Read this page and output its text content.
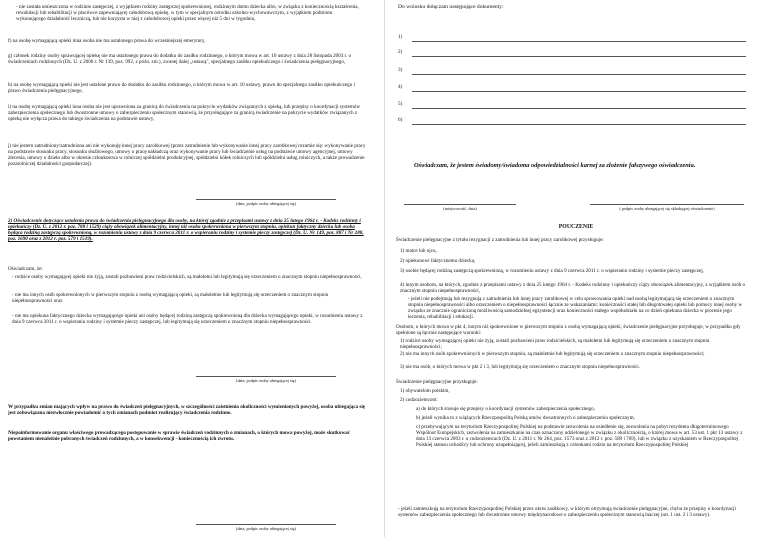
- nie została umieszczona w rodzinie zastępczej, z wyjątkiem rodziny zastępczej spokrewnionej, rodzinnym domu dziecka albo, w związku z koniecznością kształcenia, rewalidacji lub rehabilitacji w placówce zapewniającej całodobową opiekę, w tym w specjalnym ośrodku szkolno-wychowawczym, z wyjątkiem podmiotu wykonującego działalność leczniczą, lub nie korzysta w niej z całodobowej opieki przez więcej niż 5 dni w tygodniu,
f) na osobę wymagającą opieki inna osoba nie ma ustalonego prawa do wcześniejszej emerytury,
g) członek rodziny osoby sprawującej opiekę nie ma ustalonego prawa do dodatku do zasiłku rodzinnego, o którym mowa w art. 10 ustawy z dnia 28 listopada 2003 r. o świadczeniach rodzinnych (Dz. U. z 2006 r. Nr 139, poz. 992, z późn. zm.), zwanej dalej „ustawą", specjalnego zasiłku opiekuńczego i świadczenia pielęgnacyjnego,
h) na osobę wymagającą opieki nie jest ustalone prawo do dodatku do zasiłku rodzinnego, o którym mowa w art. 10 ustawy, prawo do specjalnego zasiłku opiekuńczego i prawo świadczenia pielęgnacyjnego,
i) na osobę wymagającą opieki inna osoba nie jest uprawniona za granicą do świadczenia na pokrycie wydatków związanych z opieką, lub przepisy o koordynacji systemów zabezpieczenia społecznego lub dwustronne umowy o zabezpieczeniu społecznym stanowią, że przysługujące za granicą świadczenie na pokrycie wydatków związanych z opieką nie wyłącza prawa do takiego świadczenia na podstawie ustawy,
j) nie jestem zatrudniony/zatrudniona ani nie wykonuję innej pracy zarobkowej (przez zatrudnienie lub wykonywanie innej pracy zarobkowej rozumie się: wykonywanie pracy na podstawie stosunku pracy, stosunku służbowego, umowy o pracę nakładczą oraz wykonywanie pracy lub świadczenie usług na podstawie umowy agencyjnej, umowy zlecenia, umowy o dzieło albo w okresie członkostwa w rolniczej spółdzielni produkcyjnej, spółdzielni kółek rolniczych lub spółdzielni usług rolniczych, a także prowadzenie pozarolniczej działalności gospodarczej).
(data, podpis osoby ubiegającej się)
2) Oświadczenie dotyczące ustalenia prawa do świadczenia pielęgnacyjnego dla osoby, na której zgodnie z przepisami ustawy z dnia 25 lutego 1964 r. - Kodeks rodzinny i opiekuńczy (Dz. U. z 2012 r. poz. 788 i 1529) ciąży obowiązek alimentacyjny, innej niż osoba spokrewniona w pierwszym stopniu, opiekun faktyczny dziecka lub osoba będąca rodziną zastępczą spokrewnioną, w rozumieniu ustawy z dnia 9 czerwca 2011 r. o wspieraniu rodziny i systemie pieczy zastępczej (Dz. U. Nr 149, poz. 887 i Nr 288, poz. 1690 oraz z 2012 r. poz. 579 i 1519).
Oświadczam, że:
- rodzice osoby wymagającej opieki nie żyją, zostali pozbawieni praw rodzicielskich, są małoletni lub legitymują się orzeczeniem o znacznym stopniu niepełnosprawności,
- nie ma innych osób spokrewnionych w pierwszym stopniu z osobą wymagającą opieki, są małoletnie lub legitymują się orzeczeniem o znacznym stopniu niepełnosprawności oraz
- nie ma opiekuna faktycznego dziecka wymagającego opieki ani osoby będącej rodziną zastępczą spokrewnioną dla dziecka wymagającego opieki, w rozumieniu ustawy z dnia 9 czerwca 2011 r. o wspieraniu rodziny i systemie pieczy zastępczej, lub legitymują się orzeczeniem o znacznym stopniu niepełnosprawności.
(data, podpis osoby ubiegającej się)
W przypadku zmian mających wpływ na prawo do świadczeń pielęgnacyjnych, w szczególności zaistnienia okoliczności wymienionych powyżej, osoba ubiegająca się jest zobowiązana niezwłocznie powiadomić o tych zmianach podmiot realizujący świadczenia rodzinne.
Niepoinformowanie organu właściwego prowadzącego postępowanie w sprawie świadczeń rodzinnych o zmianach, o których mowa powyżej, może skutkować powstaniem nienależnie pobranych świadczeń rodzinnych, a w konsekwencji - koniecznością ich zwrotu.
(data, podpis osoby ubiegającej się)
Do wniosku dołączam następujące dokumenty:
1)
2)
3)
4)
5)
6)
Oświadczam, że jestem świadomy/świadoma odpowiedzialności karnej za złożenie fałszywego oświadczenia.
(miejscowość, data)	( podpis osoby ubiegającej się składającej oświadczenie)
POUCZENIE
Świadczenie pielęgnacyjne z tytułu rezygnacji z zatrudnienia lub innej pracy zarobkowej przysługuje:
1) matce lub ojcu,
2) opiekunowi faktycznemu dziecka,
3) osobie będącej rodziną zastępczą spokrewnioną, w rozumieniu ustawy z dnia 9 czerwca 2011 r. o wspieraniu rodziny i systemie pieczy zastępczej,
4) innym osobom, na których, zgodnie z przepisami ustawy z dnia 25 lutego 1964 r. - Kodeks rodzinny i opiekuńczy ciąży obowiązek alimentacyjny, z wyjątkiem osób o znacznym stopniu niepełnosprawności,
- jeżeli nie podejmują lub rezygnują z zatrudnienia lub innej pracy zarobkowej w celu sprawowania opieki nad osobą legitymującą się orzeczeniem o znacznym stopniu niepełnosprawności albo orzeczeniem o niepełnosprawności łącznie ze wskazaniami: konieczności stałej lub długotrwałej opieki lub pomocy innej osoby w związku ze znacznie ograniczoną możliwością samodzielnej egzystencji oraz konieczności stałego współudziału na co dzień opiekuna dziecka w procesie jego leczenia, rehabilitacji i edukacji.
Osobom, o których mowa w pkt 4, innym niż spokrewnione w pierwszym stopniu z osobą wymagającą opieki, świadczenie pielęgnacyjne przysługuje, w przypadku gdy spełnione są łącznie następujące warunki:
1) rodzice osoby wymagającej opieki nie żyją, zostali pozbawieni praw rodzicielskich, są małoletni lub legitymują się orzeczeniem o znacznym stopniu niepełnosprawności;
2) nie ma innych osób spokrewnionych w pierwszym stopniu, są małoletnie lub legitymują się orzeczeniem o znacznym stopniu niepełnosprawności;
3) nie ma osób, o których mowa w pkt 2 i 3, lub legitymują się orzeczeniem o znacznym stopniu niepełnosprawności.
Świadczenie pielęgnacyjne przysługuje:
1) obywatelom polskim,
2) cudzoziemcom:
a) do których stosuje się przepisy o koordynacji systemów zabezpieczenia społecznego,
b) jeżeli wynika to z wiążących Rzeczpospolitą Polską umów dwustronnych o zabezpieczeniu społecznym,
c) przebywającym na terytorium Rzeczypospolitej Polskiej na podstawie zezwolenia na osiedlenie się, zezwolenia na pobyt rezydenta długoterminowego Wspólnot Europejskich, zezwolenia na zamieszkanie na czas oznaczony udzielonego w związku z okolicznością, o której mowa w art. 53 ust. 1 pkt 13 ustawy z dnia 13 czerwca 2003 r. o cudzoziemcach (Dz. U. z 2011 r. Nr 264, poz. 1573 oraz z 2012 r. poz. 589 i 769), lub w związku z uzyskaniem w Rzeczypospolitej Polskiej statusu uchodźcy lub ochrony uzupełniającej, jeżeli zamieszkują z członkami rodzin na terytorium Rzeczypospolitej Polskiej
- jeżeli zamieszkują na terytorium Rzeczypospolitej Polskiej przez okres zasiłkowy, w którym otrzymują świadczenie pielęgnacyjne, chyba że przepisy o koordynacji systemów zabezpieczenia społecznego lub dwustronne umowy międzynarodowe o zabezpieczeniu społecznym stanowią inaczej (art. 1 ust. 2 i 3 ustawy).
